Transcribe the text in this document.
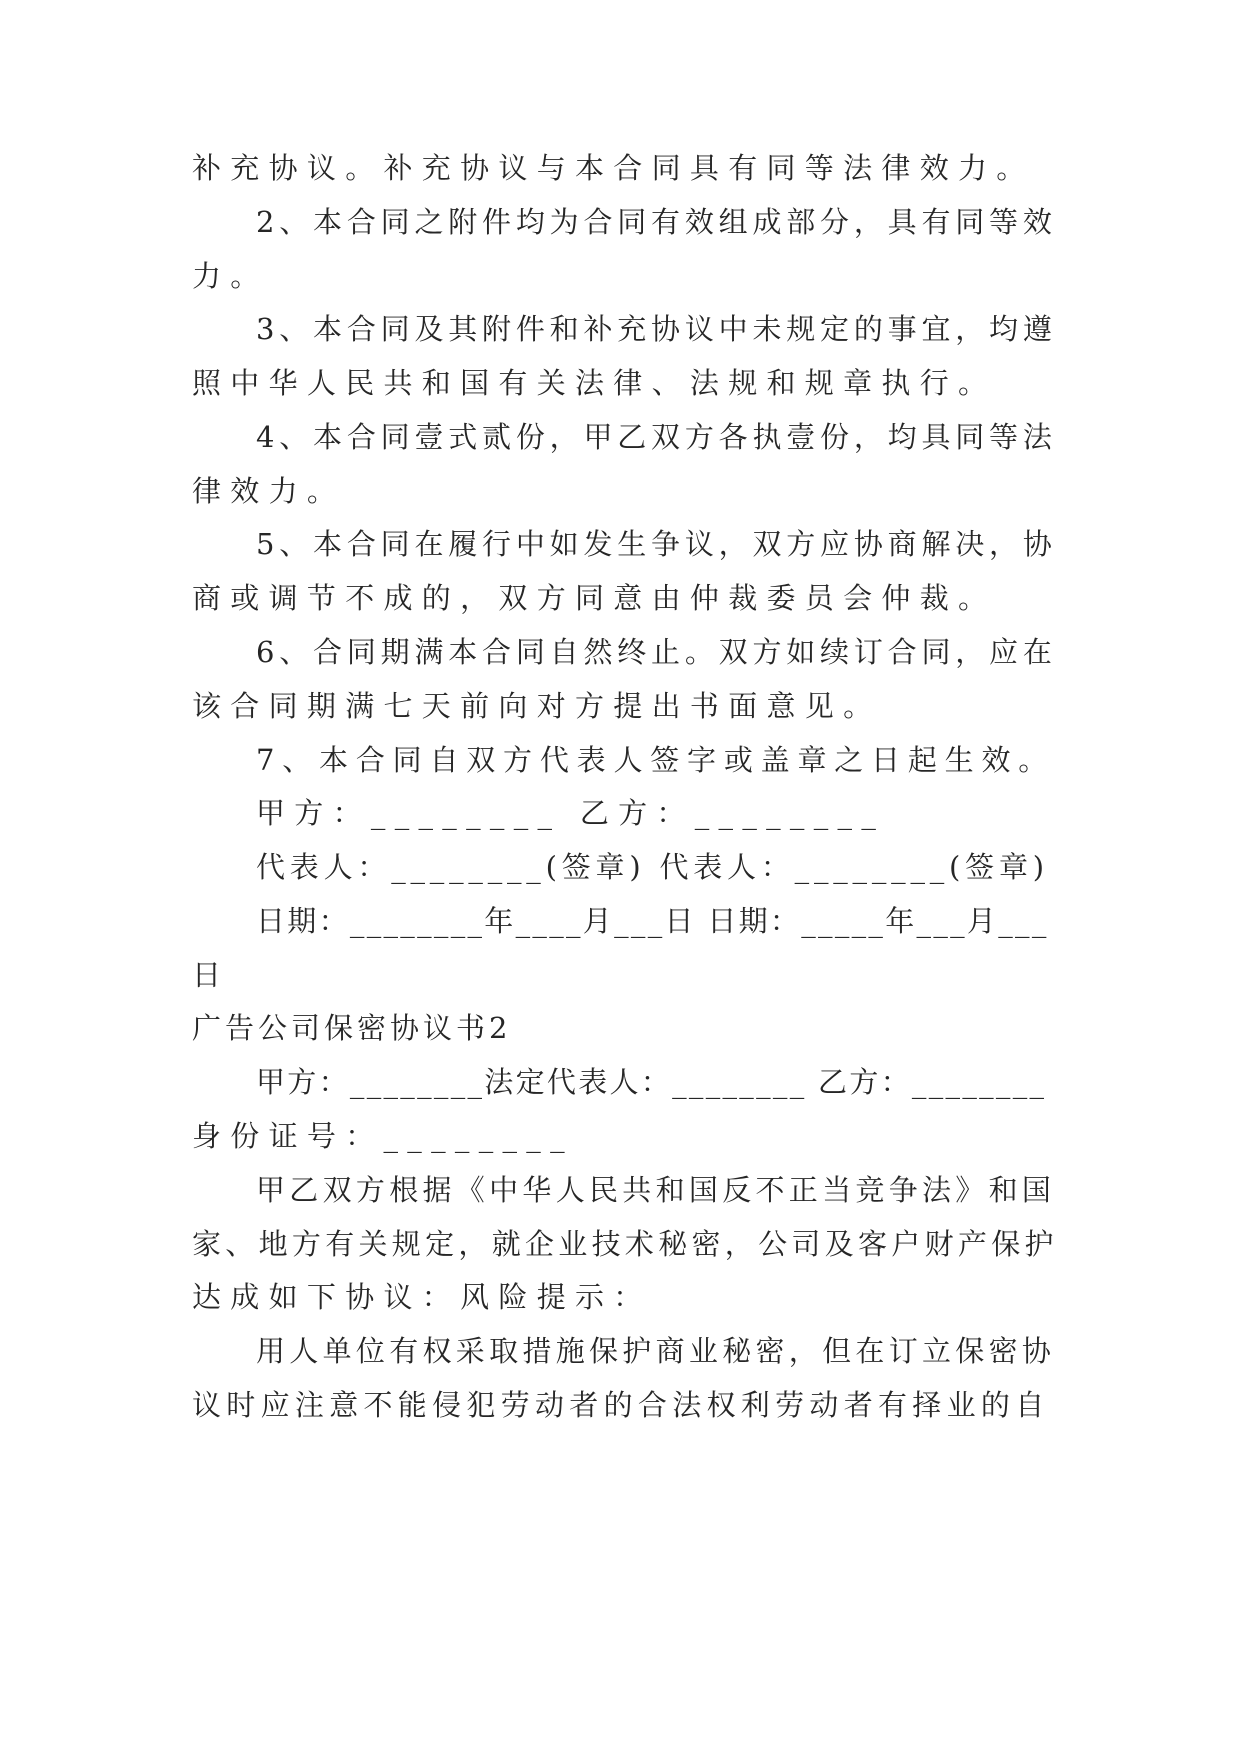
补充协议。补充协议与本合同具有同等法律效力。
2、本合同之附件均为合同有效组成部分，具有同等效
力。
3、本合同及其附件和补充协议中未规定的事宜，均遵
照中华人民共和国有关法律、法规和规章执行。
4、本合同壹式贰份，甲乙双方各执壹份，均具同等法
律效力。
5、本合同在履行中如发生争议，双方应协商解决，协
商或调节不成的，双方同意由仲裁委员会仲裁。
6、合同期满本合同自然终止。双方如续订合同，应在
该合同期满七天前向对方提出书面意见。
7、本合同自双方代表人签字或盖章之日起生效。
甲方：________ 乙方：________
代表人：________(签章) 代表人：________(签章)
日期：________年____月___日 日期：_____年___月___
日
广告公司保密协议书2
甲方：________法定代表人：________ 乙方：________
身份证号：________
甲乙双方根据《中华人民共和国反不正当竞争法》和国
家、地方有关规定，就企业技术秘密，公司及客户财产保护
达成如下协议：风险提示：
用人单位有权采取措施保护商业秘密，但在订立保密协
议时应注意不能侵犯劳动者的合法权利劳动者有择业的自
